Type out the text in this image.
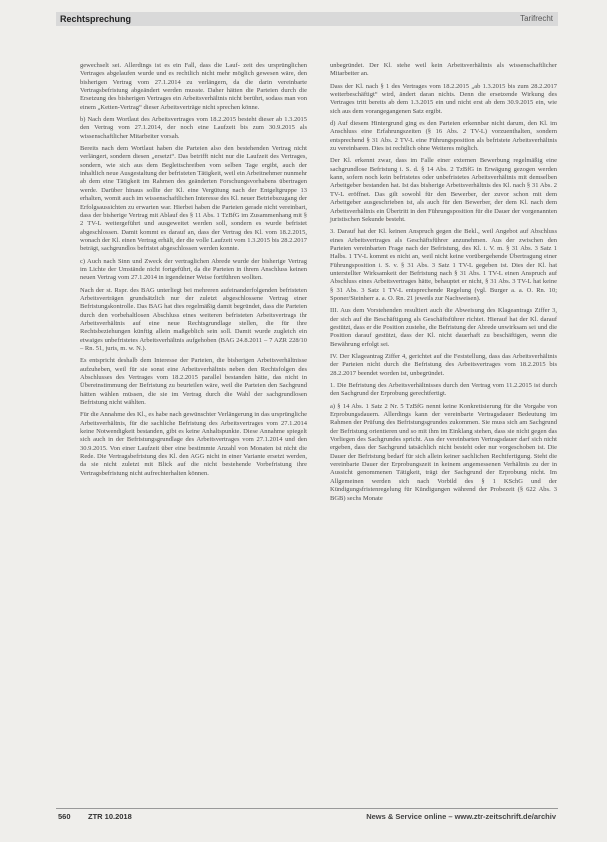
Rechtsprechung	Tarifrecht

gewechselt sei. Allerdings ist es ein Fall, dass die Lauf- zeit des ursprünglichen Vertrages abgelaufen wurde und es rechtlich nicht mehr möglich gewesen wäre, den bisherigen Vertrag vom 27.1.2014 zu verlängern, da die darin vereinbarte Vertragsbefristung abgeändert werden musste. Daher hätten die Parteien durch die Ersetzung des bisherigen Vertrages ein Arbeitsverhältnis nicht berührt, sodass man von einem „Ketten-Vertrag“ dieser Arbeitsverträge nicht sprechen könne.

b) Nach dem Wortlaut des Arbeitsvertrages vom 18.2.2015 besteht dieser ab 1.3.2015 den Vertrag vom 27.1.2014, der noch eine Laufzeit bis zum 30.9.2015 als wissenschaftlicher Mitarbeiter vorsah.

Bereits nach dem Wortlaut haben die Parteien also den bestehenden Vertrag nicht verlängert, sondern diesen „ersetzt“. Das betrifft nicht nur die Laufzeit des Vertrages, sondern, wie sich aus dem Begleitschreiben vom selben Tage ergibt, auch der inhaltlich neue Ausgestaltung der befristeten Tätigkeit, weil ein Arbeitnehmer nunmehr ab dem eine Tätigkeit im Rahmen des geänderten Forschungsvorhabens übertragen werde. Darüber hinaus sollte der Kl. eine Vergütung nach der Entgeltgruppe 13 erhalten, womit auch im wissenschaftlichen Interesse des Kl. neuer Betriebszugang der Erfolgsaussichten zu erwarten war. Hierbei haben die Parteien gerade nicht vereinbart, dass der bisherige Vertrag mit Ablauf des § 11 Abs. 1 TzBfG im Zusammenhang mit § 2 TV-L weitergeführt und ausgeweitet werden soll, sondern es wurde befristet abgeschlossen. Damit kommt es darauf an, dass der Vertrag des Kl. vom 18.2.2015, wonach der Kl. einen Vertrag erhält, der die volle Laufzeit vom 1.3.2015 bis 28.2.2017 beträgt, sachgrundlos befristet abgeschlossen werden konnte.

c) Auch nach Sinn und Zweck der vertraglichen Abrede wurde der bisherige Vertrag im Lichte der Umstände nicht fortgeführt, da die Parteien in ihrem Anschluss keinen neuen Vertrag vom 27.1.2014 in irgendeiner Weise fortführen wollten.

Nach der st. Rspr. des BAG unterliegt bei mehreren aufeinanderfolgenden befristeten Arbeitsverträgen grundsätzlich nur der zuletzt abgeschlossene Vertrag einer Befristungskontrolle. Das BAG hat dies regelmäßig damit begründet, dass die Parteien durch den vorbehaltlosen Abschluss eines weiteren befristeten Arbeitsvertrags ihr Arbeitsverhältnis auf eine neue Rechtsgrundlage stellen, die für ihre Rechtsbeziehungen künftig allein maßgeblich sein soll. Damit wurde zugleich ein etwaiges unbefristetes Arbeitsverhältnis aufgehoben (BAG 24.8.2011 – 7 AZR 228/10 – Rn. 51, juris, m. w. N.).

Es entspricht deshalb dem Interesse der Parteien, die bisherigen Arbeitsverhältnisse aufzuheben, weil für sie sonst eine Arbeitsverhältnis neben den Rechtsfolgen des Abschlusses des Vertrages vom 18.2.2015 parallel bestanden hätte, das nicht in Übereinstimmung der Befristung zu beurteilen wäre, weil die Parteien den Sachgrund hätten wählen müssen, die sie im Vertrag durch die Wahl der sachgrundlosen Befristung nicht wählten.

Für die Annahme des Kl., es habe nach gewünschter Verlängerung in das ursprüngliche Arbeitsverhältnis, für die sachliche Befristung des Arbeitsvertrages vom 27.1.2014 keine Notwendigkeit bestanden, gibt es keine Anhaltspunkte. Diese Annahme spiegelt sich auch in der Befristungsgrundlage des Arbeitsvertrages vom 27.1.2014 und den 30.9.2015. Von einer Laufzeit über eine bestimmte Anzahl von Monaten ist nicht die Rede. Die Vertragsbefristung des Kl. den AGG nicht in einer Variante ersetzt werden, da sie nicht zuletzt mit Blick auf die nicht bestehende Vorbefristung ihre Vertragsbefristung nicht aufrechterhalten können.

unbegründet. Der Kl. stehe weil kein Arbeitsverhältnis als wissenschaftlicher Mitarbeiter an.

Dass der Kl. nach § 1 des Vertrages vom 18.2.2015 „ab 1.3.2015 bis zum 28.2.2017 weiterbeschäftigt“ wird, ändert daran nichts. Denn die ersetzende Wirkung des Vertrages tritt bereits ab dem 1.3.2015 ein und nicht erst ab dem 30.9.2015 ein, wie sich aus dem vorangegangenen Satz ergibt.

d) Auf diesem Hintergrund ging es den Parteien erkennbar nicht darum, den Kl. im Anschluss eine Erfahrungszeiten (§ 16 Abs. 2 TV-L) vorzuenthalten, sondern entsprechend § 31 Abs. 2 TV-L eine Führungsposition als befristete Arbeitsverhältnis zu vereinbaren. Dies ist rechtlich ohne Weiteres möglich.

Der Kl. erkennt zwar, dass im Falle einer externen Bewerbung regelmäßig eine sachgrundlose Befristung i. S. d. § 14 Abs. 2 TzBfG in Erwägung gezogen werden kann, sofern noch kein befristetes oder unbefristetes Arbeitsverhältnis mit demselben Arbeitgeber bestanden hat. Ist das bisherige Arbeitsverhältnis des Kl. nach § 31 Abs. 2 TV-L eröffnet. Das gilt sowohl für den Bewerber, der zuvor schon mit dem Arbeitgeber ausgeschrieben ist, als auch für den Bewerber, der dem Kl. nach dem Arbeitsverhältnis ein Übertritt in den Führungsposition für die Dauer der vorgenannten juristischen Sekunde besteht.

3. Darauf hat der Kl. keinen Anspruch gegen die Bekl., weil Angebot auf Abschluss eines Arbeitsvertrages als Geschäftsführer anzunehmen. Aus der zwischen den Parteien vereinbarten Frage nach der Befristung, des Kl. i. V. m. § 31 Abs. 3 Satz 1 Halbs. 1 TV-L kommt es nicht an, weil nicht keine vorübergehende Übertragung einer Führungsposition i. S. v. § 31 Abs. 3 Satz 1 TV-L gegeben ist. Dies der Kl. hat unterstellter Wirksamkeit der Befristung nach § 31 Abs. 1 TV-L einen Anspruch auf Abschluss eines Arbeitsvertrages hätte, behauptet er nicht, § 31 Abs. 3 TV-L hat keine § 31 Abs. 3 Satz 1 TV-L entsprechende Regelung (vgl. Burger a. a. O. Rn. 10; Sponer/Steinherr a. a. O. Rn. 21 jeweils zur Nachweisen).

III. Aus dem Vorstehenden resultiert auch die Abweisung des Klageantrags Ziffer 3, der sich auf die Beschäftigung als Geschäftsführer richtet. Hierauf hat der Kl. darauf gestützt, dass er die Position zustehe, die Befristung der Abrede unwirksam sei und die Position darauf gestützt, dass der Kl. nicht dauerhaft zu beschäftigen, wenn die Bewährung erfolgt sei.

IV. Der Klageantrag Ziffer 4, gerichtet auf die Feststellung, dass das Arbeitsverhältnis der Parteien nicht durch die Befristung des Arbeitsvertrages vom 18.2.2015 bis 28.2.2017 beendet worden ist, unbegründet.

1. Die Befristung des Arbeitsverhältnisses durch den Vertrag vom 11.2.2015 ist durch den Sachgrund der Erprobung gerechtfertigt.

a) § 14 Abs. 1 Satz 2 Nr. 5 TzBfG nennt keine Konkretisierung für die Vorgabe von Erprobungsdauern. Allerdings kann der vereinbarte Vertragsdauer Bedeutung im Rahmen der Prüfung des Befristungsgrundes zukommen. Sie muss sich am Sachgrund der Befristung orientieren und so mit ihm im Einklang stehen, dass sie nicht gegen das Vorliegen des Sachgrundes spricht. Aus der vereinbarten Vertragsdauer darf sich nicht ergeben, dass der Sachgrund tatsächlich nicht besteht oder nur vorgeschoben ist. Die Dauer der Befristung bedarf für sich allein keiner sachlichen Rechtfertigung. Steht die vereinbarte Dauer der Erprobungszeit in keinem angemessenen Verhältnis zu der in Aussicht genommenen Tätigkeit, trägt der Sachgrund der Erprobung nicht. Im Allgemeinen werden sich nach Vorbild des § 1 KSchG und der Kündigungsfristenregelung für Kündigungen während der Probezeit (§ 622 Abs. 3 BGB) sechs Monate

560 ZTR 10.2018	News & Service online – www.ztr-zeitschrift.de/archiv
